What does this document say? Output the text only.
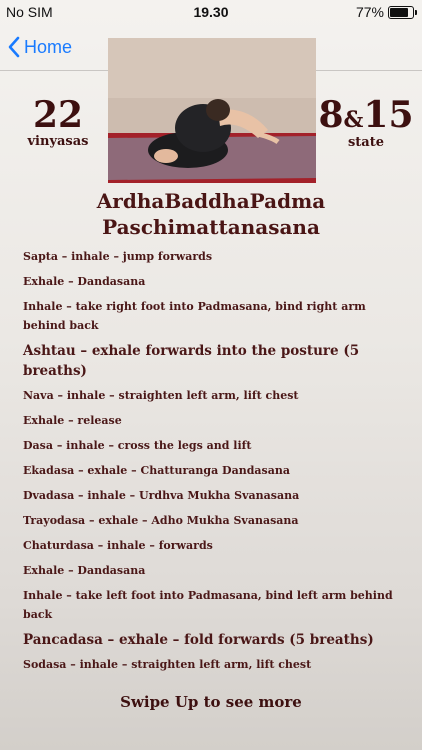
No SIM	19.30	77%
Home
22
vinyasas
8&15
state
ArdhaBaddhaPadma
Paschimattanasana
Sapta – inhale – jump forwards
Exhale – Dandasana
Inhale – take right foot into Padmasana, bind right arm behind back
Ashtau – exhale forwards into the posture (5 breaths)
Nava – inhale – straighten left arm, lift chest
Exhale – release
Dasa – inhale – cross the legs and lift
Ekadasa – exhale – Chatturanga Dandasana
Dvadasa – inhale – Urdhva Mukha Svanasana
Trayodasa – exhale – Adho Mukha Svanasana
Chaturdasa – inhale – forwards
Exhale – Dandasana
Inhale – take left foot into Padmasana, bind left arm behind back
Pancadasa – exhale – fold forwards (5 breaths)
Sodasa – inhale – straighten left arm, lift chest
Swipe Up to see more
